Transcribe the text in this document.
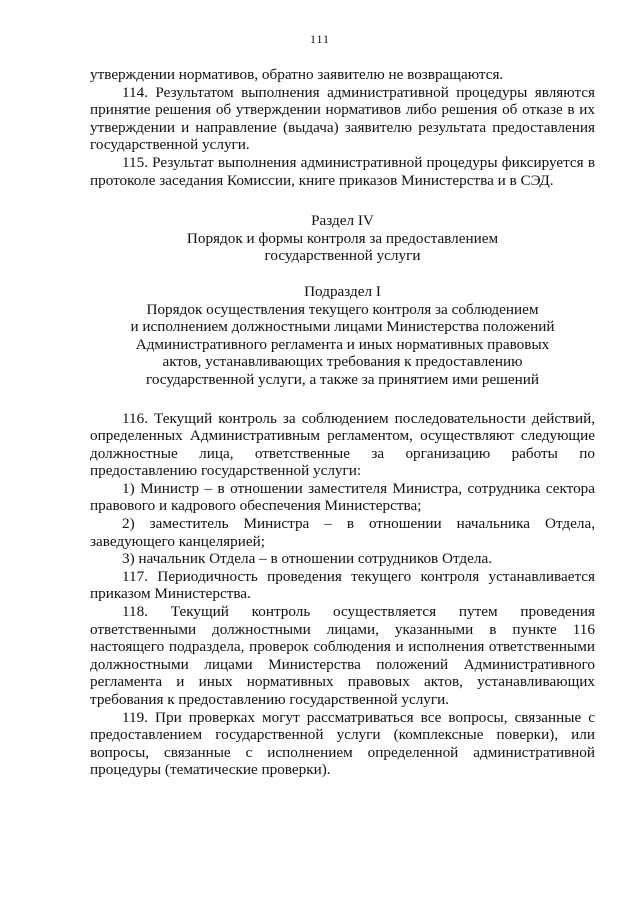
111

утверждении нормативов, обратно заявителю не возвращаются.

114. Результатом выполнения административной процедуры являются принятие решения об утверждении нормативов либо решения об отказе в их утверждении и направление (выдача) заявителю результата предоставления государственной услуги.

115. Результат выполнения административной процедуры фиксируется в протоколе заседания Комиссии, книге приказов Министерства и в СЭД.

Раздел IV

Порядок и формы контроля за предоставлением

государственной услуги

Подраздел I

Порядок осуществления текущего контроля за соблюдением

и исполнением должностными лицами Министерства положений

Административного регламента и иных нормативных правовых

актов, устанавливающих требования к предоставлению

государственной услуги, а также за принятием ими решений

116. Текущий контроль за соблюдением последовательности действий, определенных Административным регламентом, осуществляют следующие должностные лица, ответственные за организацию работы по предоставлению государственной услуги:

1) Министр – в отношении заместителя Министра, сотрудника сектора правового и кадрового обеспечения Министерства;

2) заместитель Министра – в отношении начальника Отдела, заведующего канцелярией;

3) начальник Отдела – в отношении сотрудников Отдела.

117. Периодичность проведения текущего контроля устанавливается приказом Министерства.

118. Текущий контроль осуществляется путем проведения ответственными должностными лицами, указанными в пункте 116 настоящего подраздела, проверок соблюдения и исполнения ответственными должностными лицами Министерства положений Административного регламента и иных нормативных правовых актов, устанавливающих требования к предоставлению государственной услуги.

119. При проверках могут рассматриваться все вопросы, связанные с предоставлением государственной услуги (комплексные поверки), или вопросы, связанные с исполнением определенной административной процедуры (тематические проверки).
